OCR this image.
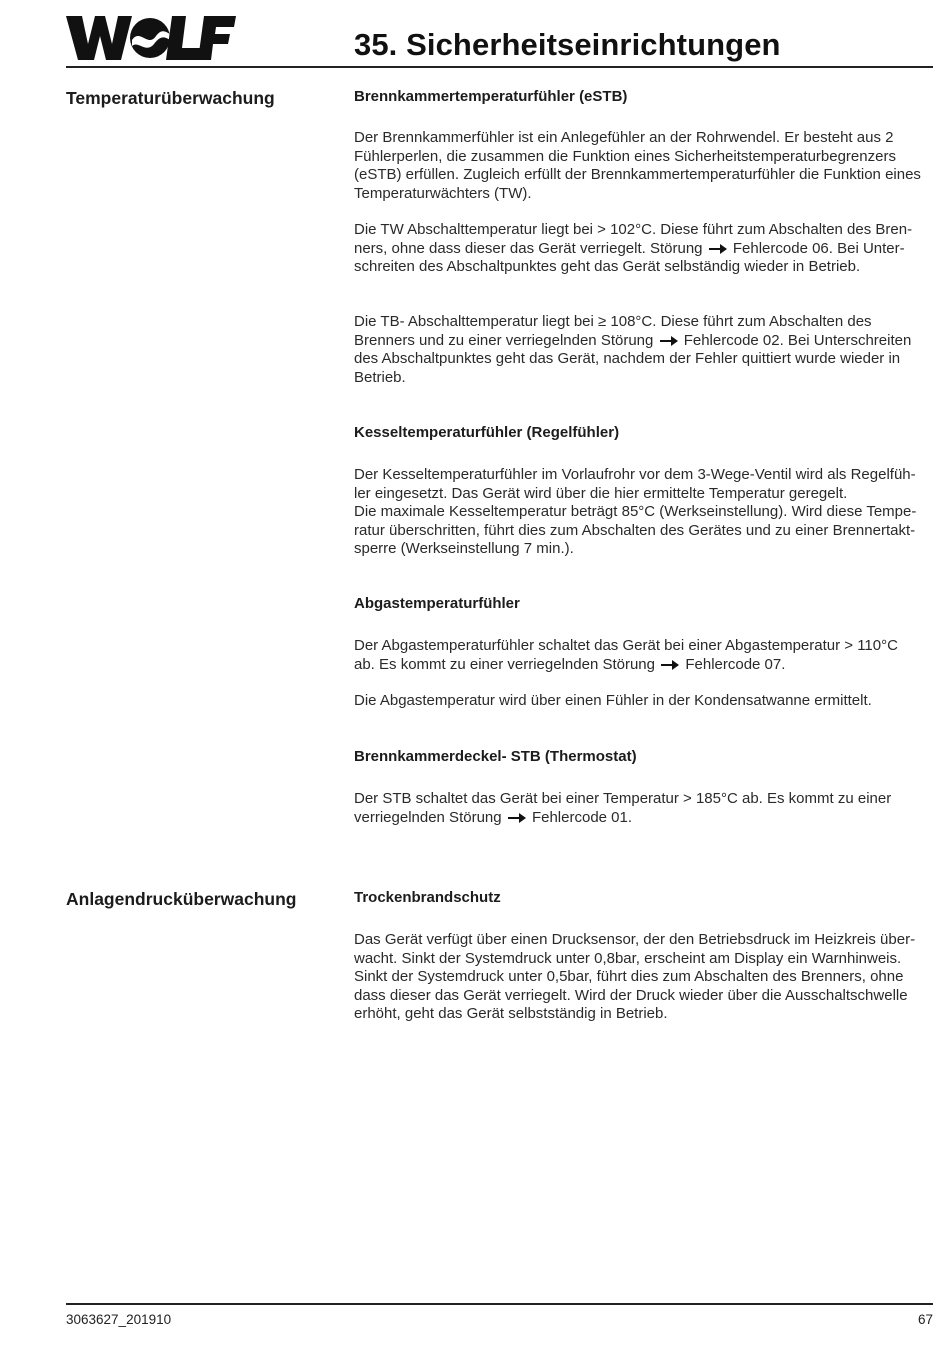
35. Sicherheitseinrichtungen
Temperaturüberwachung	Brennkammertemperaturfühler (eSTB)

Der Brennkammerfühler ist ein Anlegefühler an der Rohrwendel. Er besteht aus 2
Fühlerperlen, die zusammen die Funktion eines Sicherheitstemperaturbegrenzers
(eSTB) erfüllen. Zugleich erfüllt der Brennkammertemperaturfühler die Funktion eines
Temperaturwächters (TW).

Die TW Abschalttemperatur liegt bei > 102°C. Diese führt zum Abschalten des Bren-
ners, ohne dass dieser das Gerät verriegelt. Störung Fehlercode 06. Bei Unter-
schreiten des Abschaltpunktes geht das Gerät selbständig wieder in Betrieb.

Die TB- Abschalttemperatur liegt bei ≥ 108°C. Diese führt zum Abschalten des
Brenners und zu einer verriegelnden Störung Fehlercode 02. Bei Unterschreiten
des Abschaltpunktes geht das Gerät, nachdem der Fehler quittiert wurde wieder in
Betrieb.

Kesseltemperaturfühler (Regelfühler)

Der Kesseltemperaturfühler im Vorlaufrohr vor dem 3-Wege-Ventil wird als Regelfüh-
ler eingesetzt. Das Gerät wird über die hier ermittelte Temperatur geregelt.
Die maximale Kesseltemperatur beträgt 85°C (Werkseinstellung). Wird diese Tempe-
ratur überschritten, führt dies zum Abschalten des Gerätes und zu einer Brennertakt-
sperre (Werkseinstellung 7 min.).

Abgastemperaturfühler

Der Abgastemperaturfühler schaltet das Gerät bei einer Abgastemperatur > 110°C
ab. Es kommt zu einer verriegelnden Störung Fehlercode 07.

Die Abgastemperatur wird über einen Fühler in der Kondensatwanne ermittelt.

Brennkammerdeckel- STB (Thermostat)

Der STB schaltet das Gerät bei einer Temperatur > 185°C ab. Es kommt zu einer
verriegelnden Störung Fehlercode 01.

Anlagendrucküberwachung	Trockenbrandschutz

Das Gerät verfügt über einen Drucksensor, der den Betriebsdruck im Heizkreis über-
wacht. Sinkt der Systemdruck unter 0,8bar, erscheint am Display ein Warnhinweis.
Sinkt der Systemdruck unter 0,5bar, führt dies zum Abschalten des Brenners, ohne
dass dieser das Gerät verriegelt. Wird der Druck wieder über die Ausschaltschwelle
erhöht, geht das Gerät selbstständig in Betrieb.

3063627_201910	67
